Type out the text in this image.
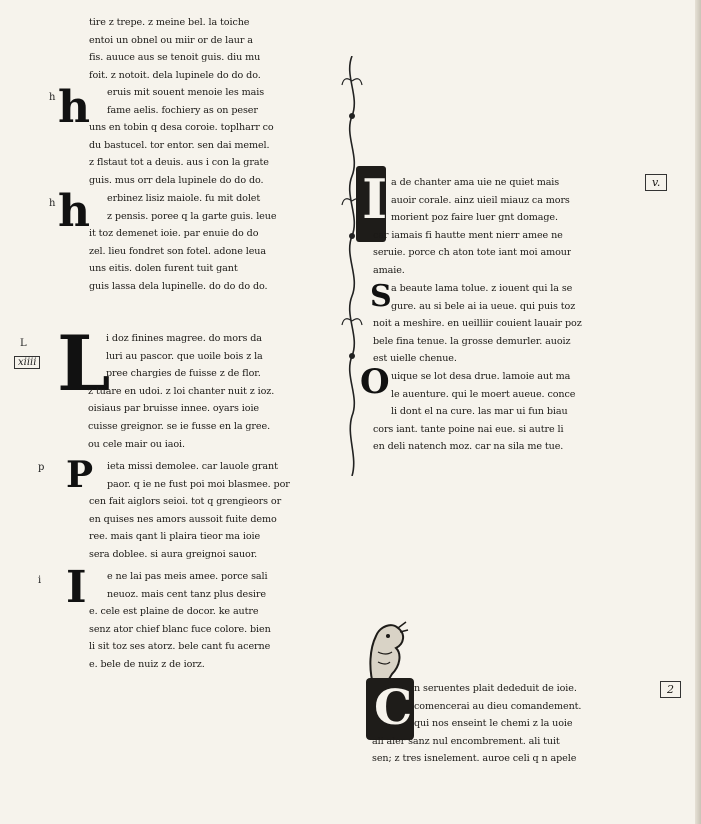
tire z trepe. z meine bel. la toiche
entoi un obnel ou miir or de laur a
fis. auuce aus se tenoit guis. diu mu
foit. z notoit. dela lupinele do do do.
h h	eruis mit souent menoie les mais
fame aelis. fochiery as on peser
uns en tobin q desa coroie. toplharr co
du bastucel. tor entor. sen dai memel.
z flstaut tot a deuis. aus i con la grate
guis. mus orr dela lupinele do do do.
h h	erbinez lisiz maiole. fu mit dolet
z pensis. poree q la garte guis. leue
it toz demenet ioie. par enuie do do
zel. lieu fondret son fotel. adone leua
uns eitis. dolen furent tuit gant
guis lassa dela lupinelle. do do do do.
L
xiiii L
i doz finines magree. do mors da
luri au pascor. que uoile bois z la
pree chargies de fuisse z de flor.
z tuare en udoi. z loi chanter nuit z ioz.
oisiaus par bruisse innee. oyars ioie
cuisse greignor. se ie fusse en la gree.
ou cele mair ou iaoi.
p P	ieta missi demolee. car lauole grant
paor. q ie ne fust poi moi blasmee. por
cen fait aiglors seioi. tot q grengieors or
en quises nes amors aussoit fuite demo
ree. mais qant li plaira tieor ma ioie
sera doblee. si aura greignoi sauor.
i I	e ne lai pas meis amee. porce sali
neuoz. mais cent tanz plus desire
e. cele est plaine de docor. ke autre
senz ator chief blanc fuce colore. bien
li sit toz ses atorz. bele cant fu acerne
e. bele de nuiz z de iorz.
I a de chanter ama uie ne quiet mais
auoir corale. ainz uieil miauz ca mors
morient poz faire luer gnt domage.
car iamais fi hautte ment nierr amee ne
seruie. porce ch aton tote iant moi amour
amaie.
S a beaute lama tolue. z iouent qui la se
gure. au si bele ai ia ueue. qui puis toz
noit a meshire. en ueilliir couient lauair poz
bele fina tenue. la grosse demurler. auoiz
est uielle chenue.
O uique se lot desa drue. lamoie aut ma
le auenture. qui le moert aueue. conce
li dont el na cure. las mar ui fun biau
cors iant. tante poine nai eue. si autre li
en deli natench moz. car na sila me tue.
v.
2
C n seruentes plait dededuit de ioie.
comencerai au dieu comandement.
qui nos enseint le chemi z la uoie
ali aler sanz nul encombrement. ali tuit
sen; z tres isnelement. auroe celi q n apele
